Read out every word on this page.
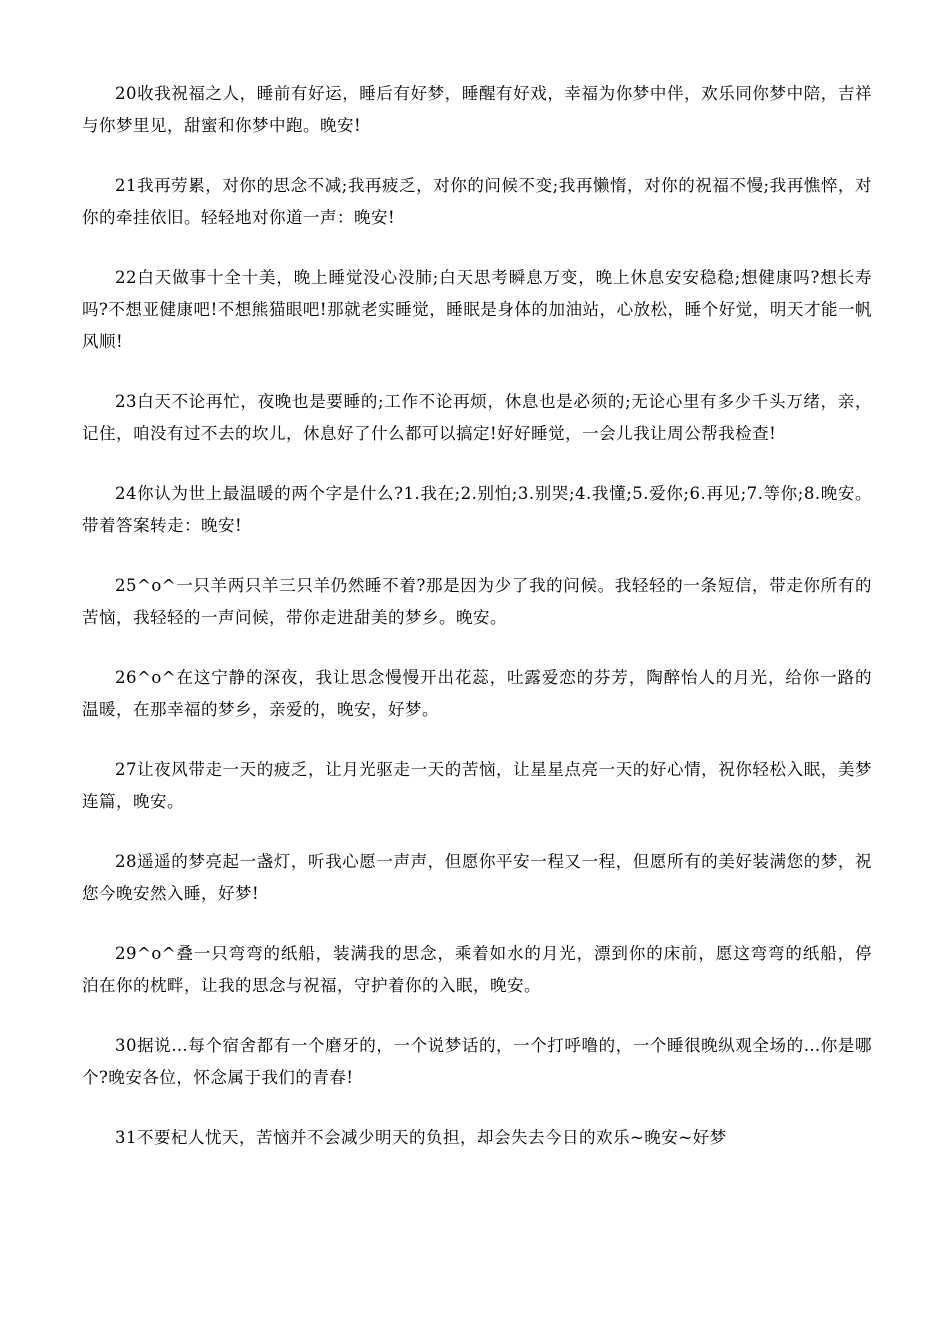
20收我祝福之人，睡前有好运，睡后有好梦，睡醒有好戏，幸福为你梦中伴，欢乐同你梦中陪，吉祥与你梦里见，甜蜜和你梦中跑。晚安!

21我再劳累，对你的思念不减;我再疲乏，对你的问候不变;我再懒惰，对你的祝福不慢;我再憔悴，对你的牵挂依旧。轻轻地对你道一声：晚安!

22白天做事十全十美，晚上睡觉没心没肺;白天思考瞬息万变，晚上休息安安稳稳;想健康吗?想长寿吗?不想亚健康吧!不想熊猫眼吧!那就老实睡觉，睡眠是身体的加油站，心放松，睡个好觉，明天才能一帆风顺!

23白天不论再忙，夜晚也是要睡的;工作不论再烦，休息也是必须的;无论心里有多少千头万绪，亲，记住，咱没有过不去的坎儿，休息好了什么都可以搞定!好好睡觉，一会儿我让周公帮我检查!

24你认为世上最温暖的两个字是什么?1.我在;2.别怕;3.别哭;4.我懂;5.爱你;6.再见;7.等你;8.晚安。带着答案转走：晚安!

25^o^一只羊两只羊三只羊仍然睡不着?那是因为少了我的问候。我轻轻的一条短信，带走你所有的苦恼，我轻轻的一声问候，带你走进甜美的梦乡。晚安。

26^o^在这宁静的深夜，我让思念慢慢开出花蕊，吐露爱恋的芬芳，陶醉怡人的月光，给你一路的温暖，在那幸福的梦乡，亲爱的，晚安，好梦。

27让夜风带走一天的疲乏，让月光驱走一天的苦恼，让星星点亮一天的好心情，祝你轻松入眠，美梦连篇，晚安。

28遥遥的梦亮起一盏灯，听我心愿一声声，但愿你平安一程又一程，但愿所有的美好装满您的梦，祝您今晚安然入睡，好梦!

29^o^叠一只弯弯的纸船，装满我的思念，乘着如水的月光，漂到你的床前，愿这弯弯的纸船，停泊在你的枕畔，让我的思念与祝福，守护着你的入眠，晚安。

30据说…每个宿舍都有一个磨牙的，一个说梦话的，一个打呼噜的，一个睡很晚纵观全场的…你是哪个?晚安各位，怀念属于我们的青春!

31不要杞人忧天，苦恼并不会减少明天的负担，却会失去今日的欢乐~晚安~好梦
